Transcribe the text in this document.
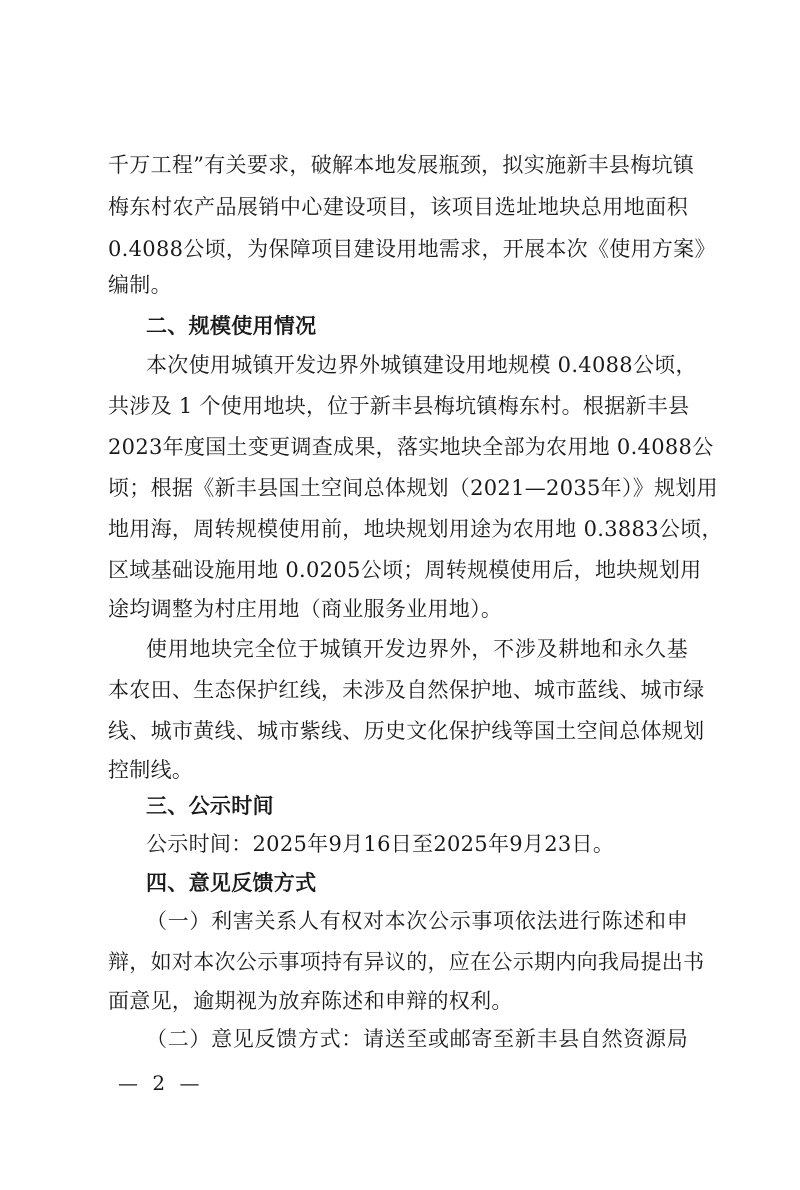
千万工程”有关要求，破解本地发展瓶颈，拟实施新丰县梅坑镇
梅东村农产品展销中心建设项目，该项目选址地块总用地面积
0.4088公顷，为保障项目建设用地需求，开展本次《使用方案》
编制。
二、规模使用情况
本次使用城镇开发边界外城镇建设用地规模 0.4088公顷，
共涉及 1 个使用地块，位于新丰县梅坑镇梅东村。根据新丰县
2023年度国土变更调查成果，落实地块全部为农用地 0.4088公
顷；根据《新丰县国土空间总体规划（2021—2035年）》规划用
地用海，周转规模使用前，地块规划用途为农用地 0.3883公顷，
区域基础设施用地 0.0205公顷；周转规模使用后，地块规划用
途均调整为村庄用地（商业服务业用地）。
使用地块完全位于城镇开发边界外，不涉及耕地和永久基
本农田、生态保护红线，未涉及自然保护地、城市蓝线、城市绿
线、城市黄线、城市紫线、历史文化保护线等国土空间总体规划
控制线。
三、公示时间
公示时间：2025年9月16日至2025年9月23日。
四、意见反馈方式
（一）利害关系人有权对本次公示事项依法进行陈述和申
辩，如对本次公示事项持有异议的，应在公示期内向我局提出书
面意见，逾期视为放弃陈述和申辩的权利。
（二）意见反馈方式：请送至或邮寄至新丰县自然资源局
— 2 —
